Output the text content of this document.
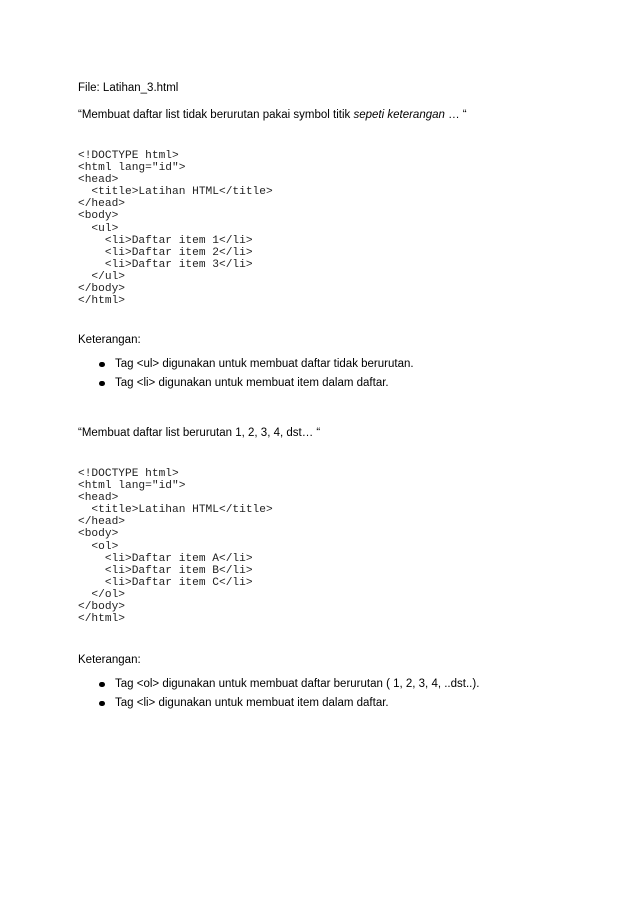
File: Latihan_3.html
“Membuat daftar list tidak berurutan pakai symbol titik sepeti keterangan … “
<!DOCTYPE html>
<html lang="id">
<head>
<title>Latihan HTML</title>
</head>
<body>
<ul>
<li>Daftar item 1</li>
<li>Daftar item 2</li>
<li>Daftar item 3</li>
</ul>
</body>
</html>
Keterangan:
Tag <ul> digunakan untuk membuat daftar tidak berurutan.
Tag <li> digunakan untuk membuat item dalam daftar.
“Membuat daftar list berurutan 1, 2, 3, 4, dst… “
<!DOCTYPE html>
<html lang="id">
<head>
<title>Latihan HTML</title>
</head>
<body>
<ol>
<li>Daftar item A</li>
<li>Daftar item B</li>
<li>Daftar item C</li>
</ol>
</body>
</html>
Keterangan:
Tag <ol> digunakan untuk membuat daftar berurutan ( 1, 2, 3, 4, ..dst..).
Tag <li> digunakan untuk membuat item dalam daftar.
